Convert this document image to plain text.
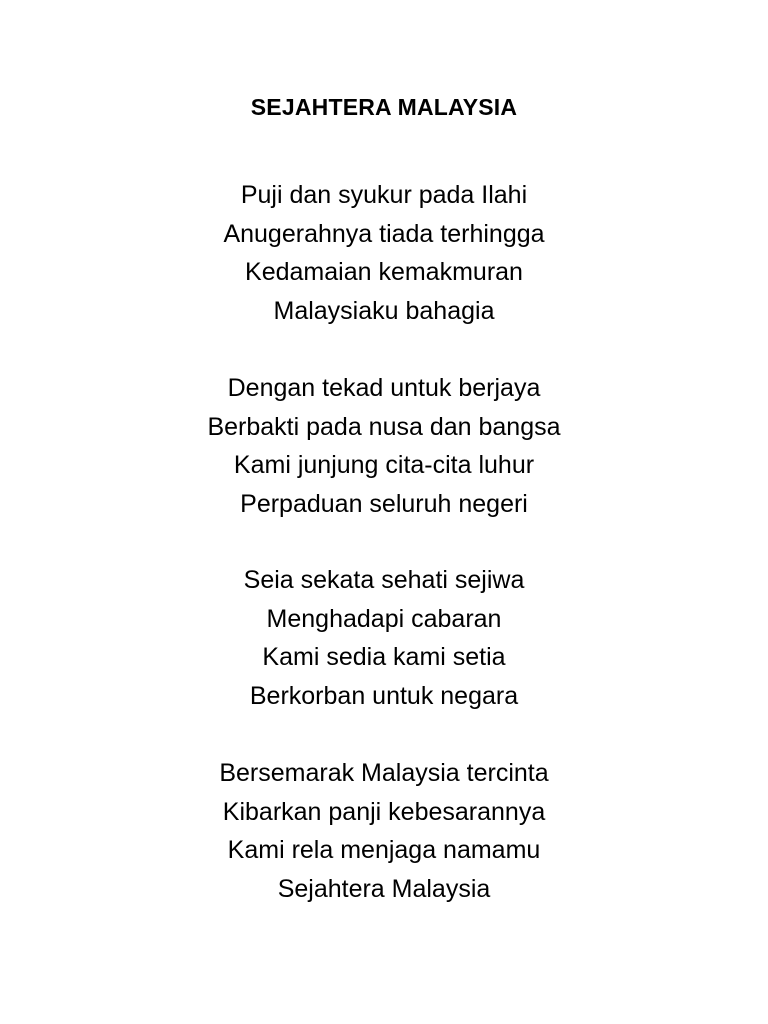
SEJAHTERA MALAYSIA
Puji dan syukur pada Ilahi
Anugerahnya tiada terhingga
Kedamaian kemakmuran
Malaysiaku bahagia
Dengan tekad untuk berjaya
Berbakti pada nusa dan bangsa
Kami junjung cita-cita luhur
Perpaduan seluruh negeri
Seia sekata sehati sejiwa
Menghadapi cabaran
Kami sedia kami setia
Berkorban untuk negara
Bersemarak Malaysia tercinta
Kibarkan panji kebesarannya
Kami rela menjaga namamu
Sejahtera Malaysia
